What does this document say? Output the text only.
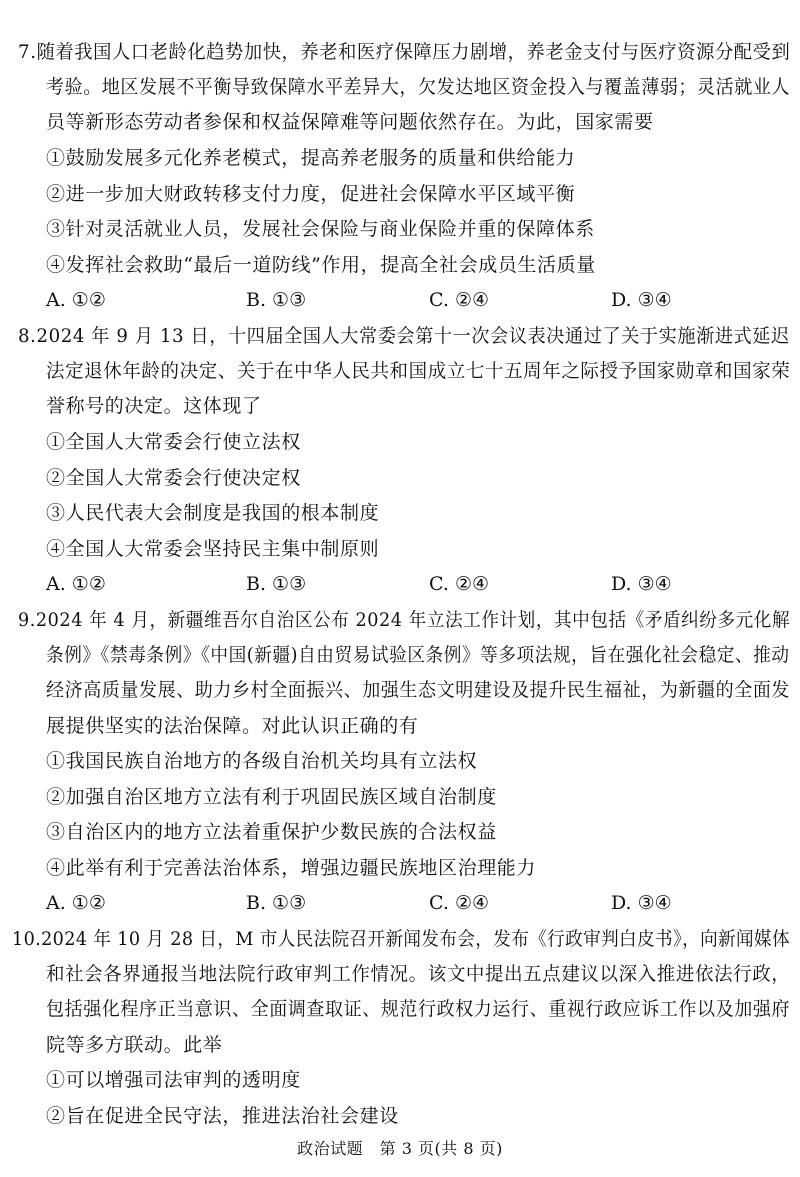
7.随着我国人口老龄化趋势加快，养老和医疗保障压力剧增，养老金支付与医疗资源分配受到
考验。地区发展不平衡导致保障水平差异大，欠发达地区资金投入与覆盖薄弱；灵活就业人
员等新形态劳动者参保和权益保障难等问题依然存在。为此，国家需要
①鼓励发展多元化养老模式，提高养老服务的质量和供给能力
②进一步加大财政转移支付力度，促进社会保障水平区域平衡
③针对灵活就业人员，发展社会保险与商业保险并重的保障体系
④发挥社会救助“最后一道防线”作用，提高全社会成员生活质量
A. ①②	B. ①③	C. ②④	D. ③④
8.2024 年 9 月 13 日，十四届全国人大常委会第十一次会议表决通过了关于实施渐进式延迟
法定退休年龄的决定、关于在中华人民共和国成立七十五周年之际授予国家勋章和国家荣
誉称号的决定。这体现了
①全国人大常委会行使立法权
②全国人大常委会行使决定权
③人民代表大会制度是我国的根本制度
④全国人大常委会坚持民主集中制原则
A. ①②	B. ①③	C. ②④	D. ③④
9.2024 年 4 月，新疆维吾尔自治区公布 2024 年立法工作计划，其中包括《矛盾纠纷多元化解
条例》《禁毒条例》《中国(新疆)自由贸易试验区条例》等多项法规，旨在强化社会稳定、推动
经济高质量发展、助力乡村全面振兴、加强生态文明建设及提升民生福祉，为新疆的全面发
展提供坚实的法治保障。对此认识正确的有
①我国民族自治地方的各级自治机关均具有立法权
②加强自治区地方立法有利于巩固民族区域自治制度
③自治区内的地方立法着重保护少数民族的合法权益
④此举有利于完善法治体系，增强边疆民族地区治理能力
A. ①②	B. ①③	C. ②④	D. ③④
10.2024 年 10 月 28 日，M 市人民法院召开新闻发布会，发布《行政审判白皮书》，向新闻媒体
和社会各界通报当地法院行政审判工作情况。该文中提出五点建议以深入推进依法行政，
包括强化程序正当意识、全面调查取证、规范行政权力运行、重视行政应诉工作以及加强府
院等多方联动。此举
①可以增强司法审判的透明度
②旨在促进全民守法，推进法治社会建设
政治试题　第 3 页(共 8 页)
